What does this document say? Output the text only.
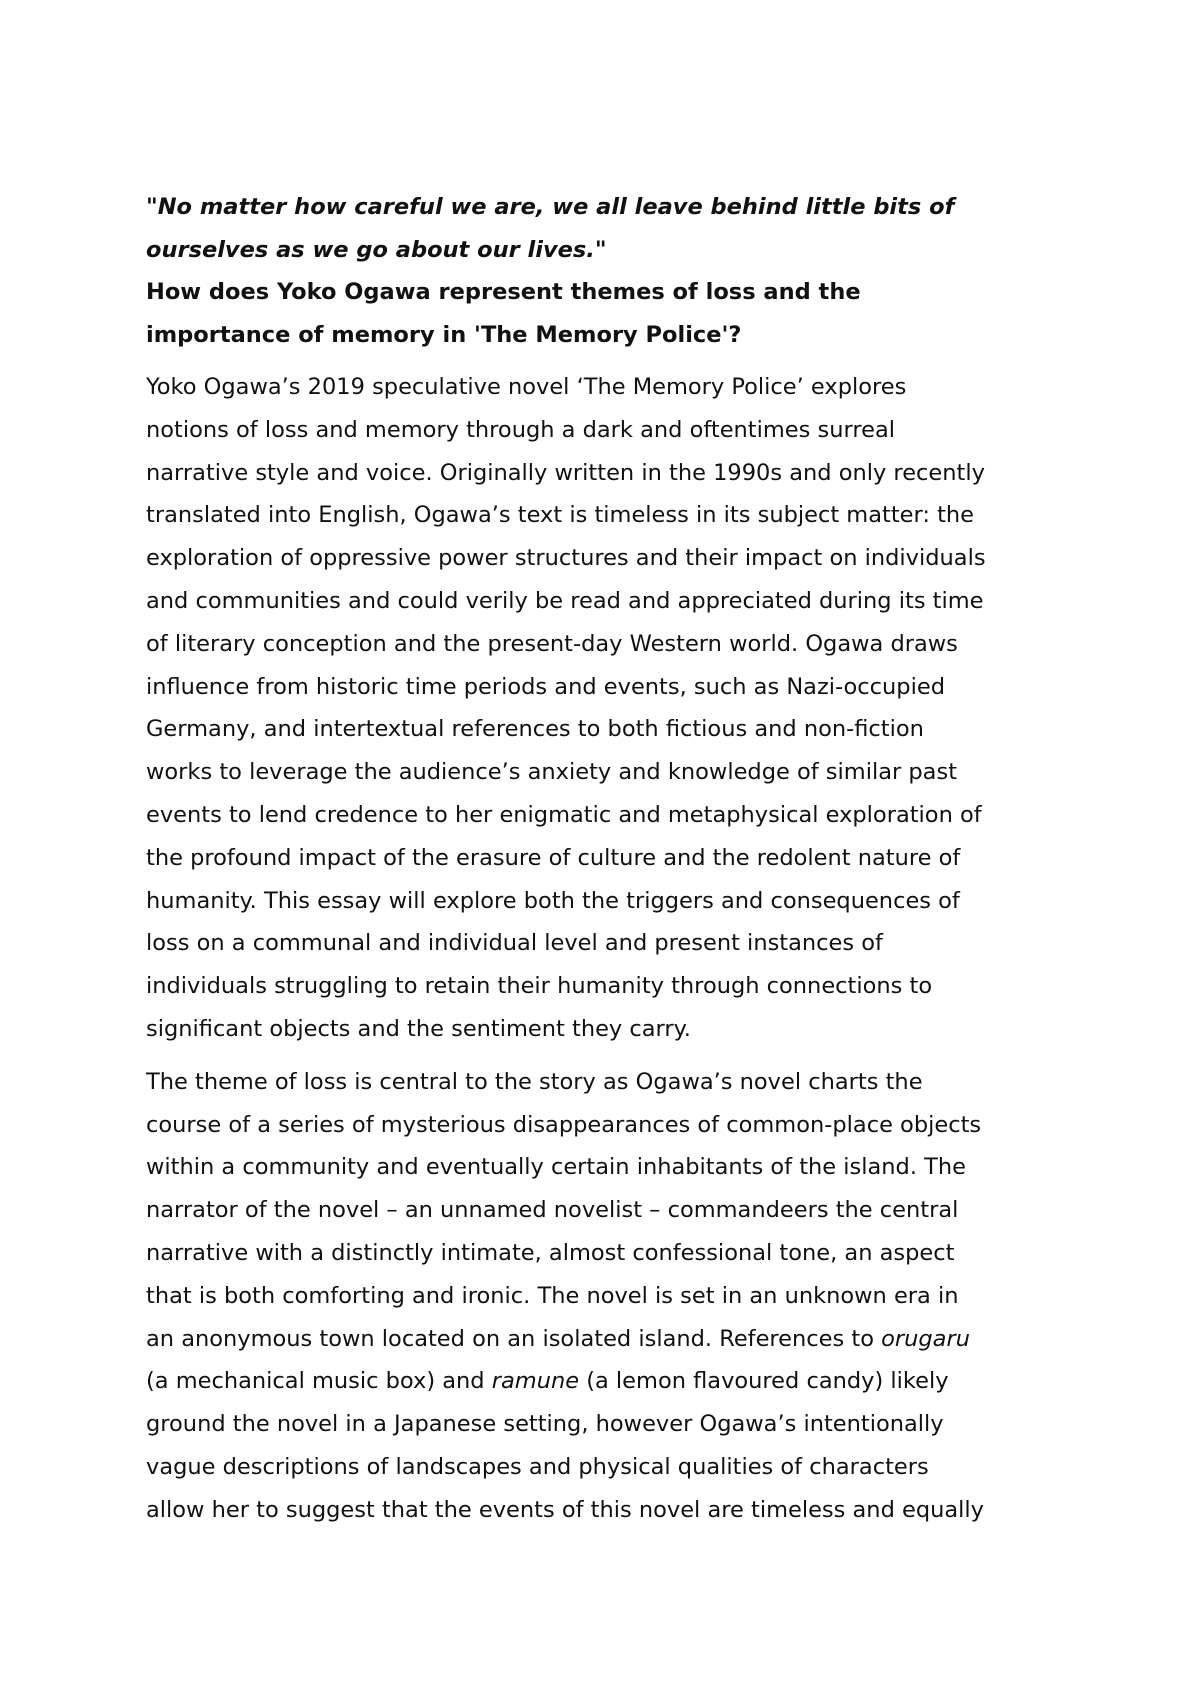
"No matter how careful we are, we all leave behind little bits of
ourselves as we go about our lives."

How does Yoko Ogawa represent themes of loss and the
importance of memory in 'The Memory Police'?

Yoko Ogawa’s 2019 speculative novel ‘The Memory Police’ explores
notions of loss and memory through a dark and oftentimes surreal
narrative style and voice. Originally written in the 1990s and only recently
translated into English, Ogawa’s text is timeless in its subject matter: the
exploration of oppressive power structures and their impact on individuals
and communities and could verily be read and appreciated during its time
of literary conception and the present-day Western world. Ogawa draws
influence from historic time periods and events, such as Nazi-occupied
Germany, and intertextual references to both fictious and non-fiction
works to leverage the audience’s anxiety and knowledge of similar past
events to lend credence to her enigmatic and metaphysical exploration of
the profound impact of the erasure of culture and the redolent nature of
humanity. This essay will explore both the triggers and consequences of
loss on a communal and individual level and present instances of
individuals struggling to retain their humanity through connections to
significant objects and the sentiment they carry.

The theme of loss is central to the story as Ogawa’s novel charts the
course of a series of mysterious disappearances of common-place objects
within a community and eventually certain inhabitants of the island. The
narrator of the novel – an unnamed novelist – commandeers the central
narrative with a distinctly intimate, almost confessional tone, an aspect
that is both comforting and ironic. The novel is set in an unknown era in
an anonymous town located on an isolated island. References to orugaru
(a mechanical music box) and ramune (a lemon flavoured candy) likely
ground the novel in a Japanese setting, however Ogawa’s intentionally
vague descriptions of landscapes and physical qualities of characters
allow her to suggest that the events of this novel are timeless and equally
